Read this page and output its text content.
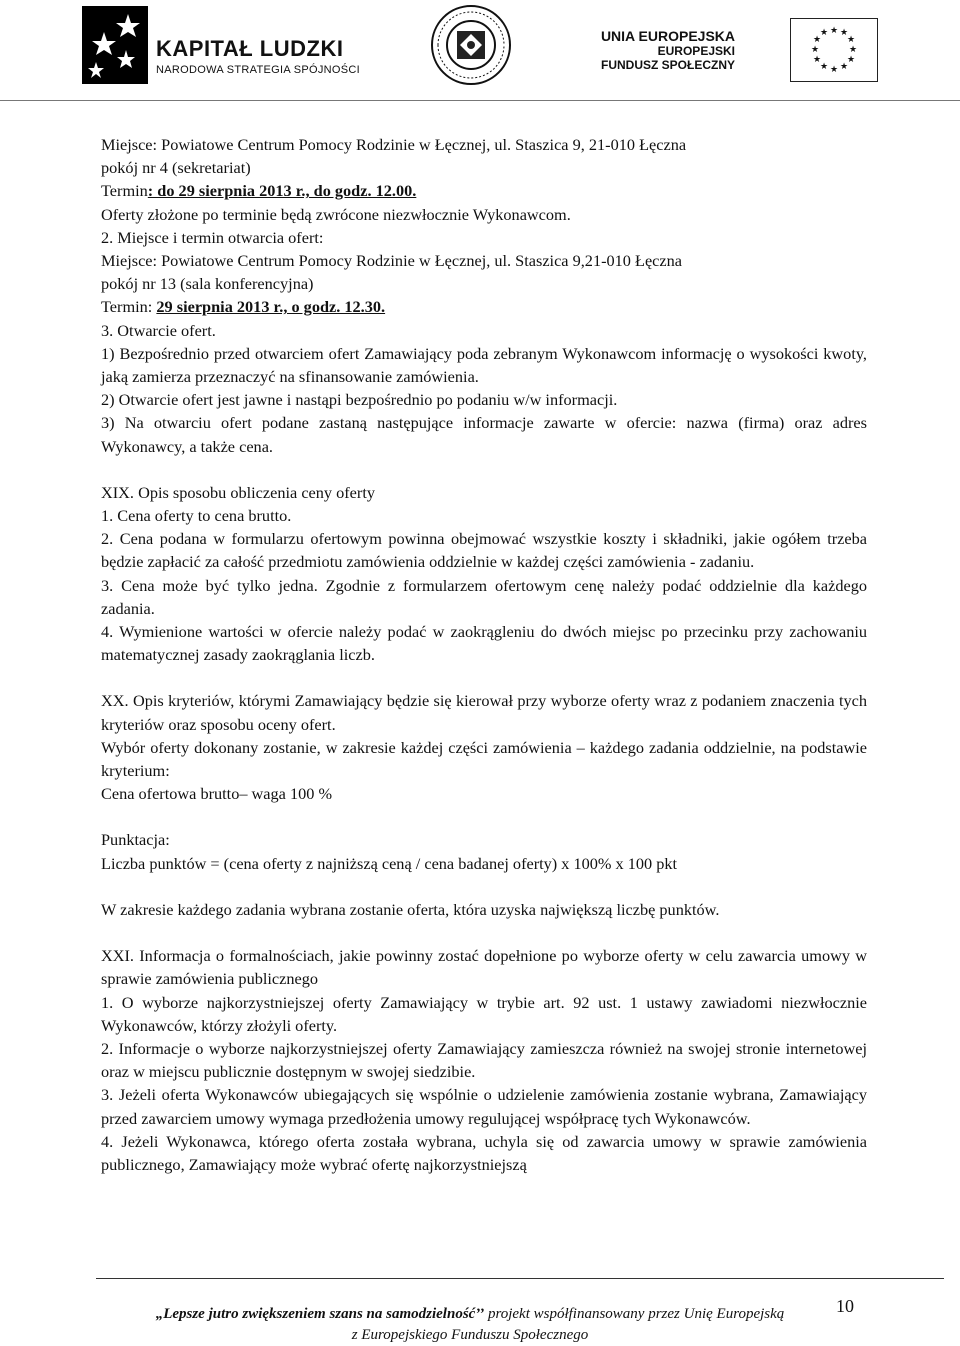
KAPITAŁ LUDZKI
NARODOWA STRATEGIA SPÓJNOŚCI
UNIA EUROPEJSKA
EUROPEJSKI
FUNDUSZ SPOŁECZNY
★ ★
★
★
★
★
★
★
★
★
★
★

Miejsce: Powiatowe Centrum Pomocy Rodzinie w Łęcznej, ul. Staszica 9, 21-010 Łęczna

pokój nr 4 (sekretariat)

Termin: do 29 sierpnia 2013 r., do godz. 12.00.

Oferty złożone po terminie będą zwrócone niezwłocznie Wykonawcom.

2. Miejsce i termin otwarcia ofert:

Miejsce: Powiatowe Centrum Pomocy Rodzinie w Łęcznej, ul. Staszica 9,21-010 Łęczna

pokój nr 13 (sala konferencyjna)

Termin: 29 sierpnia 2013 r., o godz. 12.30.

3. Otwarcie ofert.

1) Bezpośrednio przed otwarciem ofert Zamawiający poda zebranym Wykonawcom informację o wysokości kwoty, jaką zamierza przeznaczyć na sfinansowanie zamówienia.

2) Otwarcie ofert jest jawne i nastąpi bezpośrednio po podaniu w/w informacji.

3) Na otwarciu ofert podane zastaną następujące informacje zawarte w ofercie: nazwa (firma) oraz adres Wykonawcy, a także cena.

XIX. Opis sposobu obliczenia ceny oferty

1. Cena oferty to cena brutto.

2. Cena podana w formularzu ofertowym powinna obejmować wszystkie koszty i składniki, jakie ogółem trzeba będzie zapłacić za całość przedmiotu zamówienia oddzielnie w każdej części zamówienia - zadaniu.

3. Cena może być tylko jedna. Zgodnie z formularzem ofertowym cenę należy podać oddzielnie dla każdego zadania.

4. Wymienione wartości w ofercie należy podać w zaokrągleniu do dwóch miejsc po przecinku przy zachowaniu matematycznej zasady zaokrąglania liczb.

XX. Opis kryteriów, którymi Zamawiający będzie się kierował przy wyborze oferty wraz z podaniem znaczenia tych kryteriów oraz sposobu oceny ofert.

Wybór oferty dokonany zostanie, w zakresie każdej części zamówienia – każdego zadania oddzielnie, na podstawie kryterium:

Cena ofertowa brutto– waga 100 %

Punktacja:

Liczba punktów = (cena oferty z najniższą ceną / cena badanej oferty) x 100% x 100 pkt

W zakresie każdego zadania wybrana zostanie oferta, która uzyska największą liczbę punktów.

XXI. Informacja o formalnościach, jakie powinny zostać dopełnione po wyborze oferty w celu zawarcia umowy w sprawie zamówienia publicznego

1. O wyborze najkorzystniejszej oferty Zamawiający w trybie art. 92 ust. 1 ustawy zawiadomi niezwłocznie Wykonawców, którzy złożyli oferty.

2. Informacje o wyborze najkorzystniejszej oferty Zamawiający zamieszcza również na swojej stronie internetowej oraz w miejscu publicznie dostępnym w swojej siedzibie.

3. Jeżeli oferta Wykonawców ubiegających się wspólnie o udzielenie zamówienia zostanie wybrana, Zamawiający przed zawarciem umowy wymaga przedłożenia umowy regulującej współpracę tych Wykonawców.

4. Jeżeli Wykonawca, którego oferta została wybrana, uchyla się od zawarcia umowy w sprawie zamówienia publicznego, Zamawiający może wybrać ofertę najkorzystniejszą

„Lepsze jutro zwiększeniem szans na samodzielność’’ projekt współfinansowany przez Unię Europejską
z Europejskiego Funduszu Społecznego
10
